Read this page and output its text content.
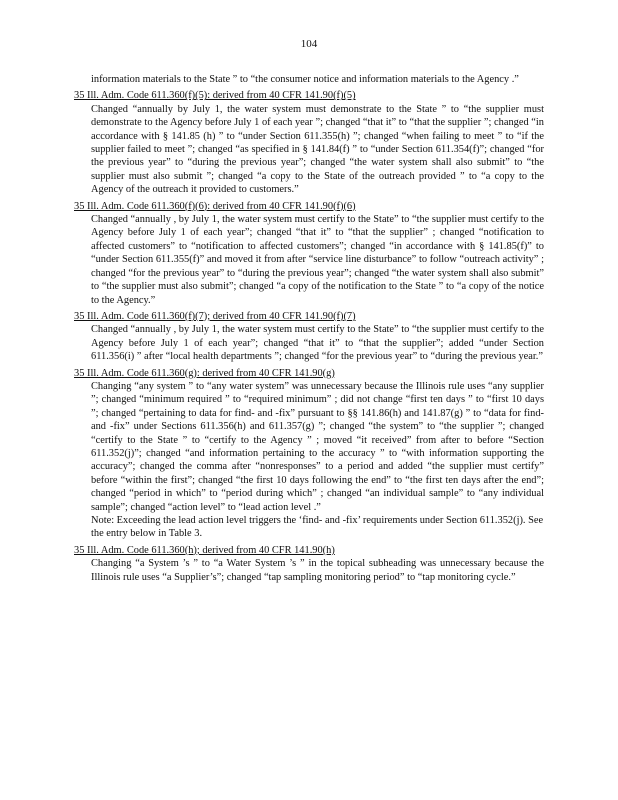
104
information materials to the State ” to “the consumer notice and information materials to the Agency .”
35 Ill. Adm. Code 611.360(f)(5): derived from 40 CFR 141.90(f)(5)
Changed “annually by July 1, the water system must demonstrate to the State ” to “the supplier must demonstrate to the Agency before July 1 of each year ”; changed “that it” to “that the supplier ”; changed “in accordance with § 141.85 (h) ” to “under Section 611.355(h) ”; changed “when failing to meet ” to “if the supplier failed to meet ”; changed “as specified in § 141.84(f) ” to “under Section 611.354(f)”; changed “for the previous year” to “during the previous year”; changed “the water system shall also submit” to “the supplier must also submit ”; changed “a copy to the State of the outreach provided ” to “a copy to the Agency of the outreach it provided to customers.”
35 Ill. Adm. Code 611.360(f)(6): derived from 40 CFR 141.90(f)(6)
Changed “annually , by July 1, the water system must certify to the State” to “the supplier must certify to the Agency before July 1 of each year”; changed “that it” to “that the supplier” ; changed “notification to affected customers” to “notification to affected customers”; changed “in accordance with § 141.85(f)” to “under Section 611.355(f)” and moved it from after “service line disturbance” to follow “outreach activity” ; changed “for the previous year” to “during the previous year”; changed “the water system shall also submit” to “the supplier must also submit”; changed “a copy of the notification to the State ” to “a copy of the notice to the Agency.”
35 Ill. Adm. Code 611.360(f)(7); derived from 40 CFR 141.90(f)(7)
Changed “annually , by July 1, the water system must certify to the State” to “the supplier must certify to the Agency before July 1 of each year”; changed “that it” to “that the supplier”; added “under Section 611.356(i) ” after “local health departments ”; changed “for the previous year” to “during the previous year.”
35 Ill. Adm. Code 611.360(g): derived from 40 CFR 141.90(g)
Changing “any system ” to “any water system” was unnecessary because the Illinois rule uses “any supplier ”; changed “minimum required ” to “required minimum” ; did not change “first ten days ” to “first 10 days ”; changed “pertaining to data for find- and -fix” pursuant to §§ 141.86(h) and 141.87(g) ” to “data for find- and -fix” under Sections 611.356(h) and 611.357(g) ”; changed “the system” to “the supplier ”; changed “certify to the State ” to “certify to the Agency ” ; moved “it received” from after to before “Section 611.352(j)”; changed “and information pertaining to the accuracy ” to “with information supporting the accuracy”; changed the comma after “nonresponses” to a period and added “the supplier must certify” before “within the first”; changed “the first 10 days following the end” to “the first ten days after the end”; changed “period in which” to “period during which” ; changed “an individual sample” to “any individual sample”; changed “action level” to “lead action level .”
Note: Exceeding the lead action level triggers the ‘find- and -fix’ requirements under Section 611.352(j). See the entry below in Table 3.
35 Ill. Adm. Code 611.360(h); derived from 40 CFR 141.90(h)
Changing “a System ’s ” to “a Water System ’s ” in the topical subheading was unnecessary because the Illinois rule uses “a Supplier’s”; changed “tap sampling monitoring period” to “tap monitoring cycle.”
